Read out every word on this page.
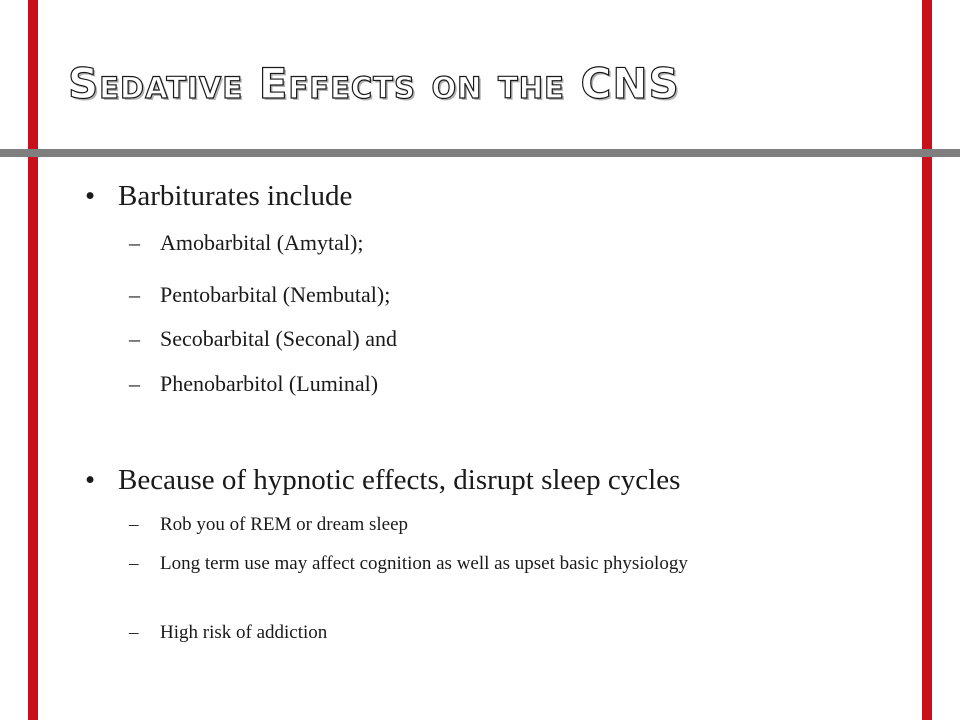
Sedative Effects on the CNS
• Barbiturates include
– Amobarbital (Amytal);
– Pentobarbital (Nembutal);
– Secobarbital (Seconal) and
– Phenobarbitol (Luminal)
• Because of hypnotic effects, disrupt sleep cycles
– Rob you of REM or dream sleep
– Long term use may affect cognition as well as upset basic physiology
– High risk of addiction
